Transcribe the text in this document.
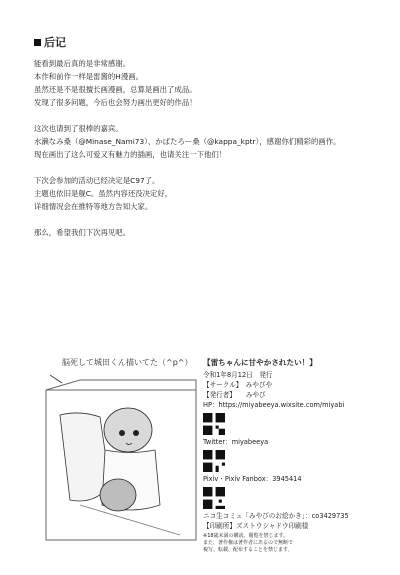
后记
能看到最后真的是非常感谢。
本作和前作一样是雷酱的H漫画。
虽然还是不是很擅长画漫画，总算是画出了成品。
发现了很多问题，今后也会努力画出更好的作品！
这次也请到了很棒的嘉宾。
水濑なみ桑（@Minase_Nami73）、かぱたろー桑（@kappa_kptr），感谢你们精彩的画作。
现在画出了这么可爱又有魅力的插画，也请关注一下他们！
下次会参加的活动已经决定是C97了。
主题也依旧是舰C。虽然内容还没决定好，
详细情况会在推特等地方告知大家。
那么，希望我们下次再见吧。
脳死して城田くん描いてた（^p^） 【雷ちゃんに甘やかされたい！】
令和1年8月12日　発行
【サークル】　みやびや
【発行者】　　みやび
HP：https://miyabeeya.wixsite.com/miyabi
Twitter：miyabeeya
Pixiv・Pixiv Fanbox：3945414
ニコ生コミュ「みやびのお絵かき」：co3429735
【印刷所】ズストウシャドウ印刷様
※18歳未満の購読、閲覧を禁じます。
また、著作権は著作者にあるので無断で
複写、転載、配布することを禁じます。
